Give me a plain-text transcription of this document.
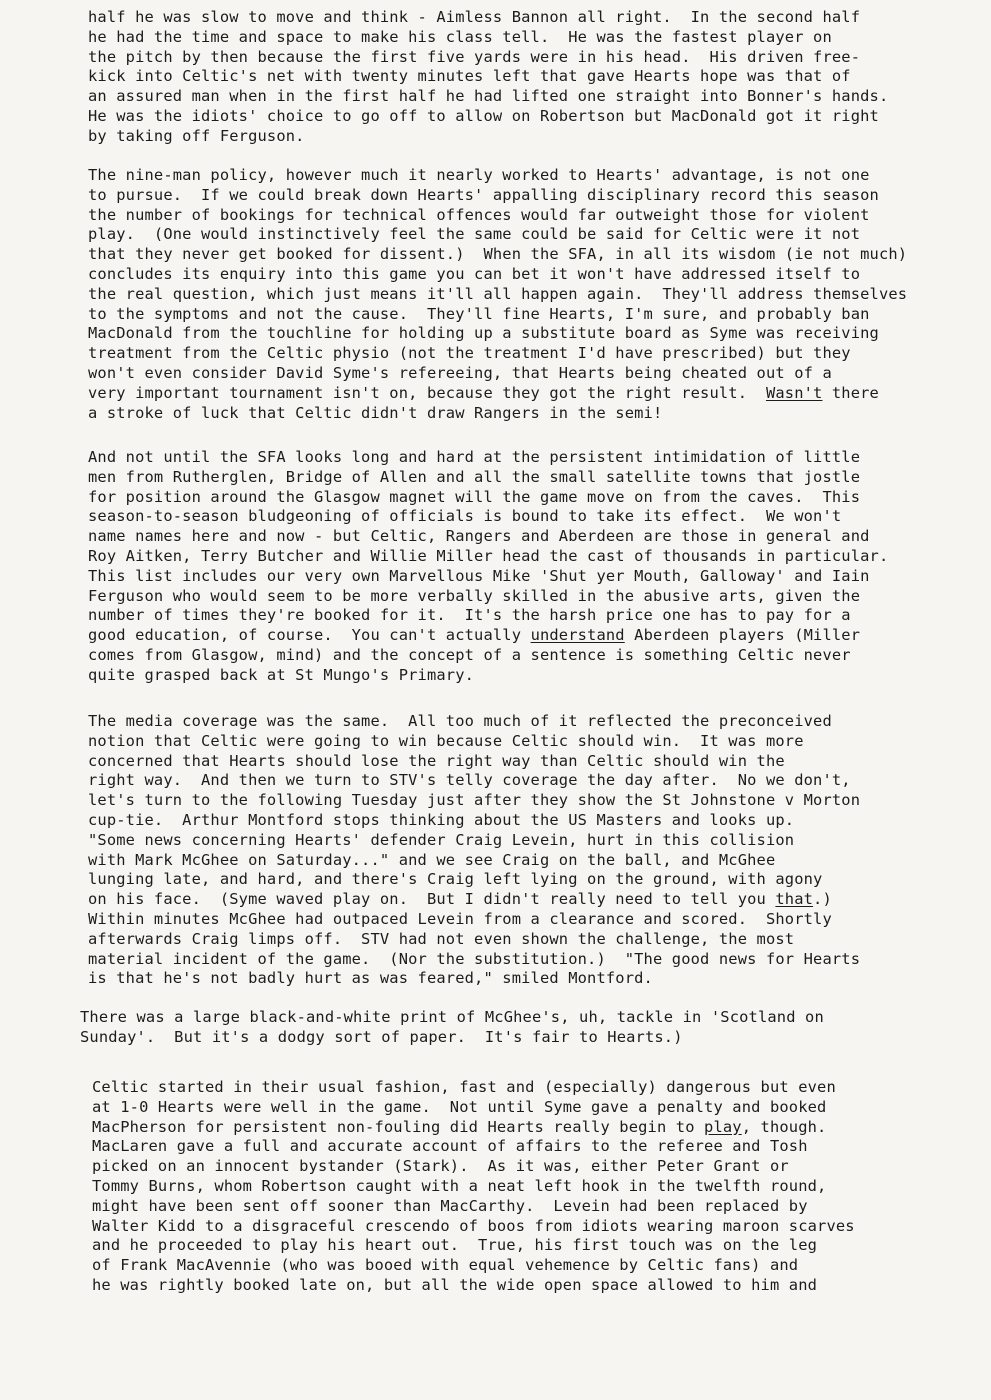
half he was slow to move and think - Aimless Bannon all right.  In the second half
he had the time and space to make his class tell.  He was the fastest player on
the pitch by then because the first five yards were in his head.  His driven free-
kick into Celtic's net with twenty minutes left that gave Hearts hope was that of
an assured man when in the first half he had lifted one straight into Bonner's hands.
He was the idiots' choice to go off to allow on Robertson but MacDonald got it right
by taking off Ferguson.
The nine-man policy, however much it nearly worked to Hearts' advantage, is not one
to pursue.  If we could break down Hearts' appalling disciplinary record this season
the number of bookings for technical offences would far outweight those for violent
play.  (One would instinctively feel the same could be said for Celtic were it not
that they never get booked for dissent.)  When the SFA, in all its wisdom (ie not much)
concludes its enquiry into this game you can bet it won't have addressed itself to
the real question, which just means it'll all happen again.  They'll address themselves
to the symptoms and not the cause.  They'll fine Hearts, I'm sure, and probably ban
MacDonald from the touchline for holding up a substitute board as Syme was receiving
treatment from the Celtic physio (not the treatment I'd have prescribed) but they
won't even consider David Syme's refereeing, that Hearts being cheated out of a
very important tournament isn't on, because they got the right result.  Wasn't there
a stroke of luck that Celtic didn't draw Rangers in the semi!
And not until the SFA looks long and hard at the persistent intimidation of little
men from Rutherglen, Bridge of Allen and all the small satellite towns that jostle
for position around the Glasgow magnet will the game move on from the caves.  This
season-to-season bludgeoning of officials is bound to take its effect.  We won't
name names here and now - but Celtic, Rangers and Aberdeen are those in general and
Roy Aitken, Terry Butcher and Willie Miller head the cast of thousands in particular.
This list includes our very own Marvellous Mike 'Shut yer Mouth, Galloway' and Iain
Ferguson who would seem to be more verbally skilled in the abusive arts, given the
number of times they're booked for it.  It's the harsh price one has to pay for a
good education, of course.  You can't actually understand Aberdeen players (Miller
comes from Glasgow, mind) and the concept of a sentence is something Celtic never
quite grasped back at St Mungo's Primary.
The media coverage was the same.  All too much of it reflected the preconceived
notion that Celtic were going to win because Celtic should win.  It was more
concerned that Hearts should lose the right way than Celtic should win the
right way.  And then we turn to STV's telly coverage the day after.  No we don't,
let's turn to the following Tuesday just after they show the St Johnstone v Morton
cup-tie.  Arthur Montford stops thinking about the US Masters and looks up.
"Some news concerning Hearts' defender Craig Levein, hurt in this collision
with Mark McGhee on Saturday..." and we see Craig on the ball, and McGhee
lunging late, and hard, and there's Craig left lying on the ground, with agony
on his face.  (Syme waved play on.  But I didn't really need to tell you that.)
Within minutes McGhee had outpaced Levein from a clearance and scored.  Shortly
afterwards Craig limps off.  STV had not even shown the challenge, the most
material incident of the game.  (Nor the substitution.)  "The good news for Hearts
is that he's not badly hurt as was feared," smiled Montford.
There was a large black-and-white print of McGhee's, uh, tackle in 'Scotland on
Sunday'.  But it's a dodgy sort of paper.  It's fair to Hearts.)
Celtic started in their usual fashion, fast and (especially) dangerous but even
at 1-0 Hearts were well in the game.  Not until Syme gave a penalty and booked
MacPherson for persistent non-fouling did Hearts really begin to play, though.
MacLaren gave a full and accurate account of affairs to the referee and Tosh
picked on an innocent bystander (Stark).  As it was, either Peter Grant or
Tommy Burns, whom Robertson caught with a neat left hook in the twelfth round,
might have been sent off sooner than MacCarthy.  Levein had been replaced by
Walter Kidd to a disgraceful crescendo of boos from idiots wearing maroon scarves
and he proceeded to play his heart out.  True, his first touch was on the leg
of Frank MacAvennie (who was booed with equal vehemence by Celtic fans) and
he was rightly booked late on, but all the wide open space allowed to him and
